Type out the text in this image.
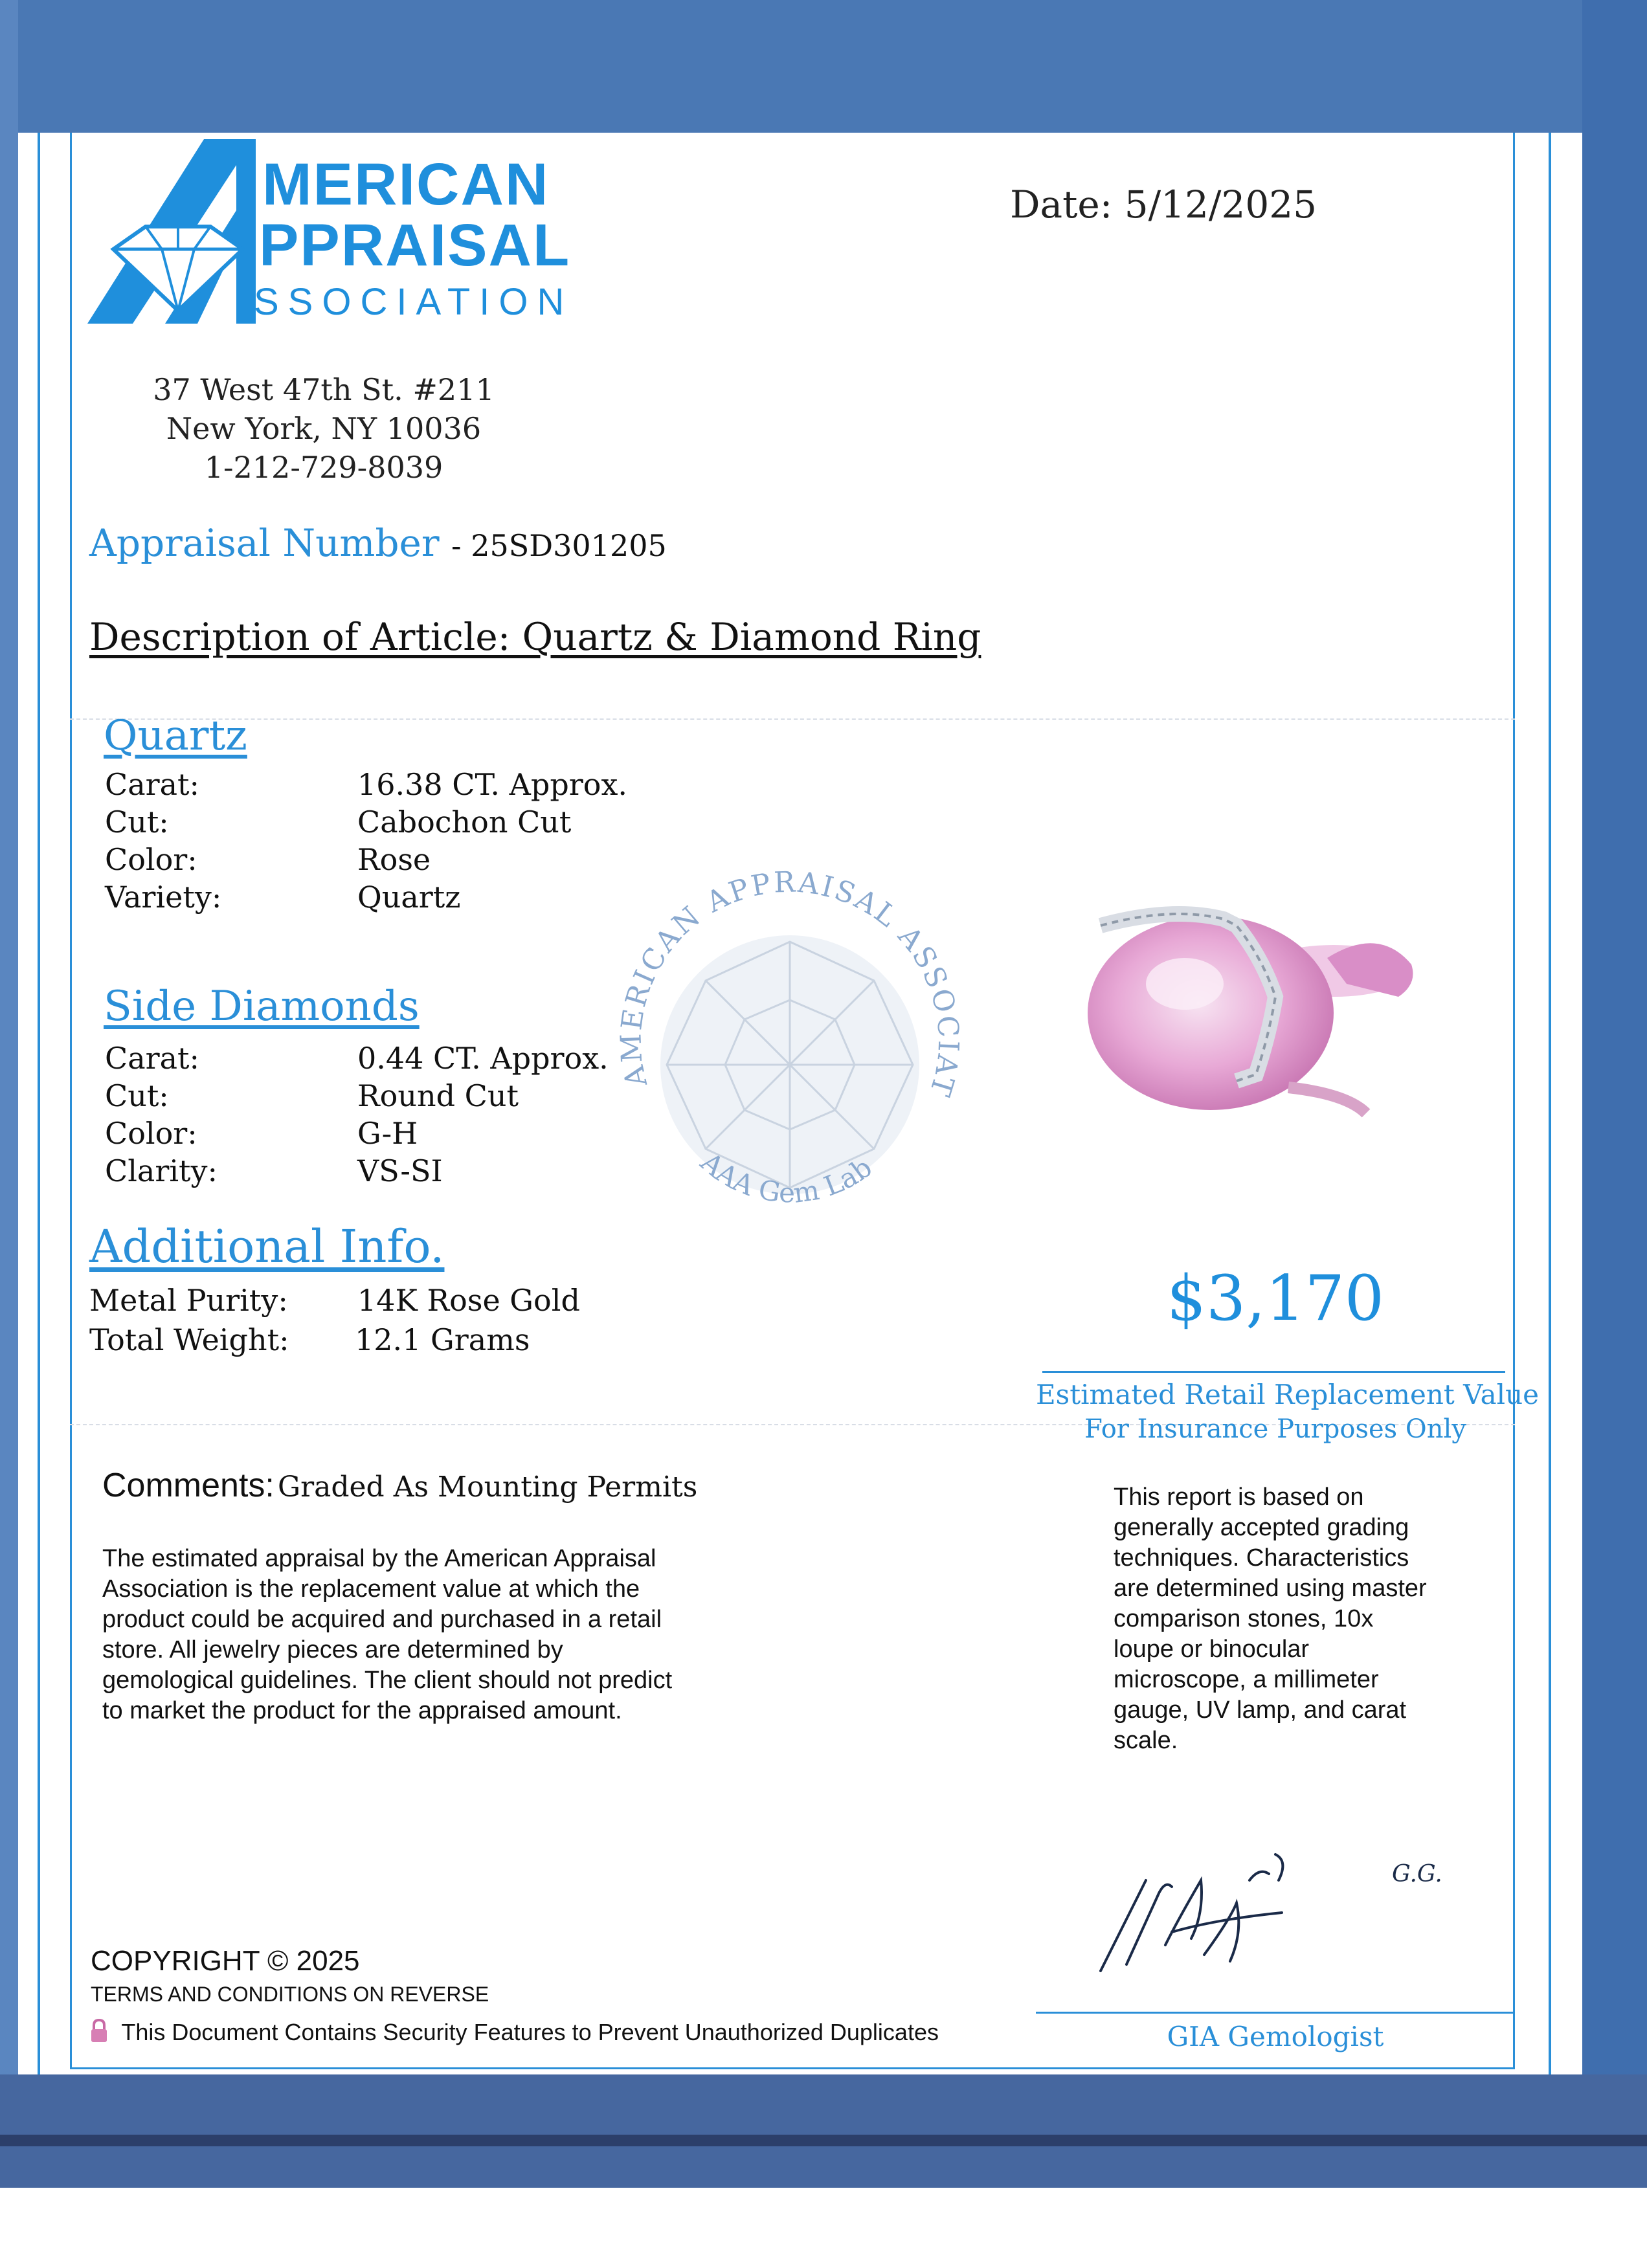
MERICAN
PPRAISAL
SSOCIATION
Date: 5/12/2025
37 West 47th St. #211
New York, NY 10036
1-212-729-8039
Appraisal Number - 25SD301205
Description of Article: Quartz & Diamond Ring
Quartz
Carat:	16.38 CT. Approx.
Cut:	Cabochon Cut
Color:	Rose
Variety:	Quartz
Side Diamonds
Carat:	0.44 CT. Approx.
Cut:	Round Cut
Color:	G-H
Clarity:	VS-SI
Additional Info.
Metal Purity: 14K Rose Gold
Total Weight: 12.1 Grams
AMERICAN APPRAISAL ASSOCIAT
AAA Gem Lab
$3,170
Estimated Retail Replacement Value
For Insurance Purposes Only
Comments: Graded As Mounting Permits
The estimated appraisal by the American Appraisal
Association is the replacement value at which the
product could be acquired and purchased in a retail
store. All jewelry pieces are determined by
gemological guidelines. The client should not predict
to market the product for the appraised amount.
This report is based on
generally accepted grading
techniques. Characteristics
are determined using master
comparison stones, 10x
loupe or binocular
microscope, a millimeter
gauge, UV lamp, and carat
scale.
G.G.
GIA Gemologist
COPYRIGHT © 2025
TERMS AND CONDITIONS ON REVERSE
This Document Contains Security Features to Prevent Unauthorized Duplicates
